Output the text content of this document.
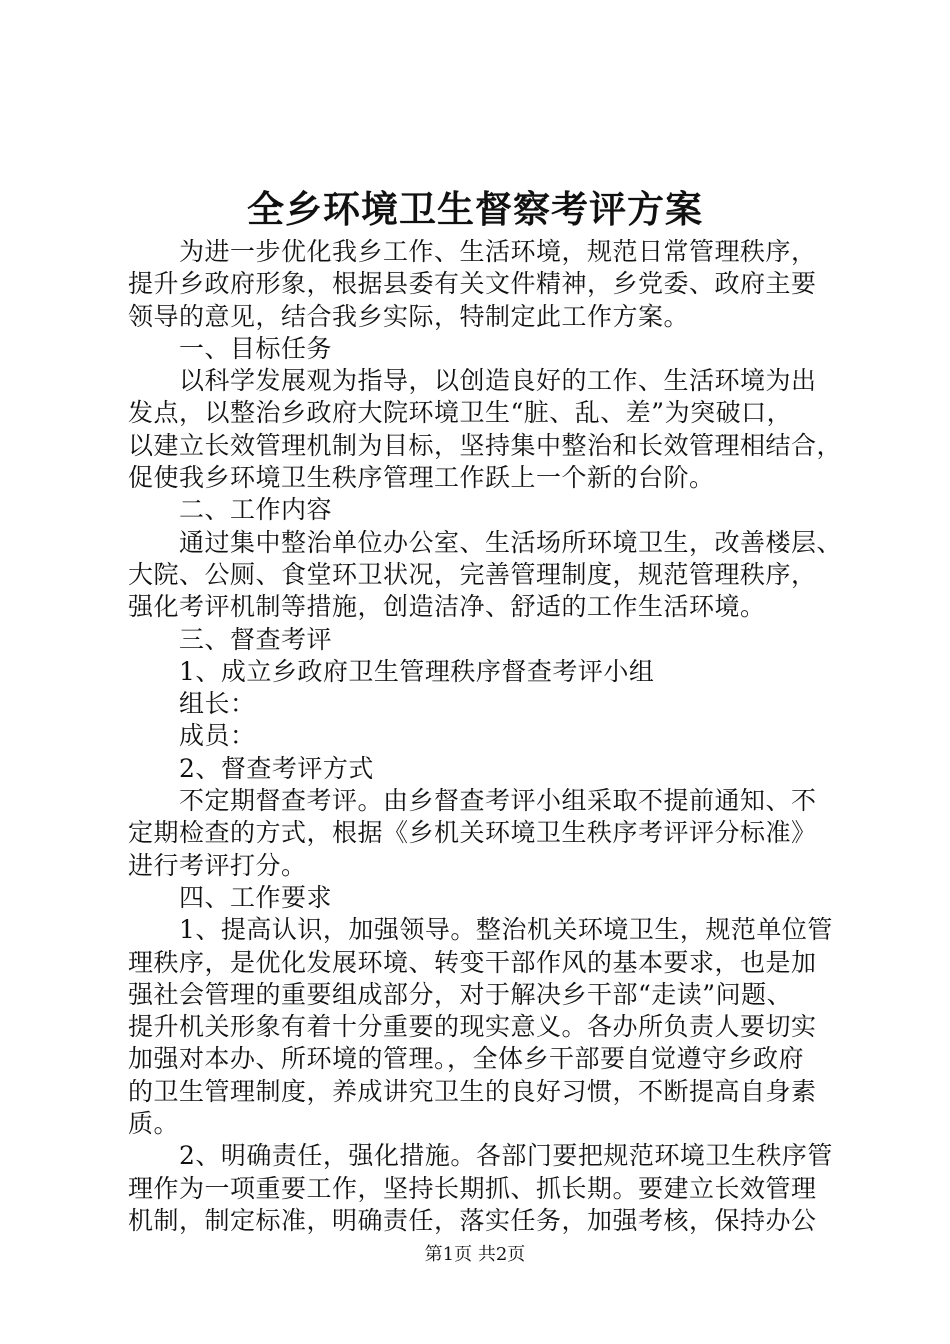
全乡环境卫生督察考评方案
为进一步优化我乡工作、生活环境，规范日常管理秩序，
提升乡政府形象，根据县委有关文件精神，乡党委、政府主要
领导的意见，结合我乡实际，特制定此工作方案。
一、目标任务
以科学发展观为指导，以创造良好的工作、生活环境为出
发点，以整治乡政府大院环境卫生“脏、乱、差”为突破口，
以建立长效管理机制为目标，坚持集中整治和长效管理相结合，
促使我乡环境卫生秩序管理工作跃上一个新的台阶。
二、工作内容
通过集中整治单位办公室、生活场所环境卫生，改善楼层、
大院、公厕、食堂环卫状况，完善管理制度，规范管理秩序，
强化考评机制等措施，创造洁净、舒适的工作生活环境。
三、督查考评
1、成立乡政府卫生管理秩序督查考评小组
组长：
成员：
2、督查考评方式
不定期督查考评。由乡督查考评小组采取不提前通知、不
定期检查的方式，根据《乡机关环境卫生秩序考评评分标准》
进行考评打分。
四、工作要求
1、提高认识，加强领导。整治机关环境卫生，规范单位管
理秩序，是优化发展环境、转变干部作风的基本要求，也是加
强社会管理的重要组成部分，对于解决乡干部“走读”问题、
提升机关形象有着十分重要的现实意义。各办所负责人要切实
加强对本办、所环境的管理。，全体乡干部要自觉遵守乡政府
的卫生管理制度，养成讲究卫生的良好习惯，不断提高自身素
质。
2、明确责任，强化措施。各部门要把规范环境卫生秩序管
理作为一项重要工作，坚持长期抓、抓长期。要建立长效管理
机制，制定标准，明确责任，落实任务，加强考核，保持办公
第1页 共2页
